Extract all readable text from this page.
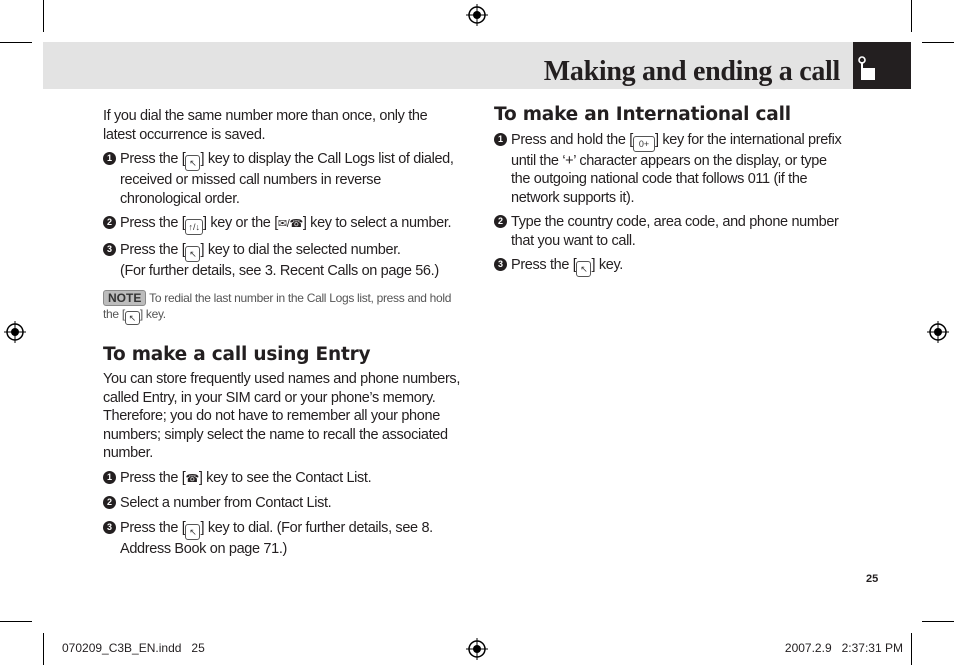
Making and ending a call

If you dial the same number more than once, only the latest occurrence is saved.

1 Press the [ ↖ ] key to display the Call Logs list of dialed, received or missed call numbers in reverse chronological order.
2 Press the [ ↑/↓ ] key or the [✉/☎] key to select a number.
3 Press the [ ↖ ] key to dial the selected number.
(For further details, see 3. Recent Calls on page 56.)
NOTE To redial the last number in the Call Logs list, press and hold the [ ↖ ] key.

To make a call using Entry

You can store frequently used names and phone numbers, called Entry, in your SIM card or your phone’s memory. Therefore; you do not have to remember all your phone numbers; simply select the name to recall the associated number.

1 Press the [☎] key to see the Contact List.
2 Select a number from Contact List.
3 Press the [ ↖ ] key to dial. (For further details, see 8. Address Book on page 71.)

To make an International call

1 Press and hold the [ 0+ ] key for the international prefix until the ‘+’ character appears on the display, or type the outgoing national code that follows 011 (if the network supports it).
2 Type the country code, area code, and phone number that you want to call.
3 Press the [ ↖ ] key.
25
070209_C3B_EN.indd   25	2007.2.9   2:37:31 PM
